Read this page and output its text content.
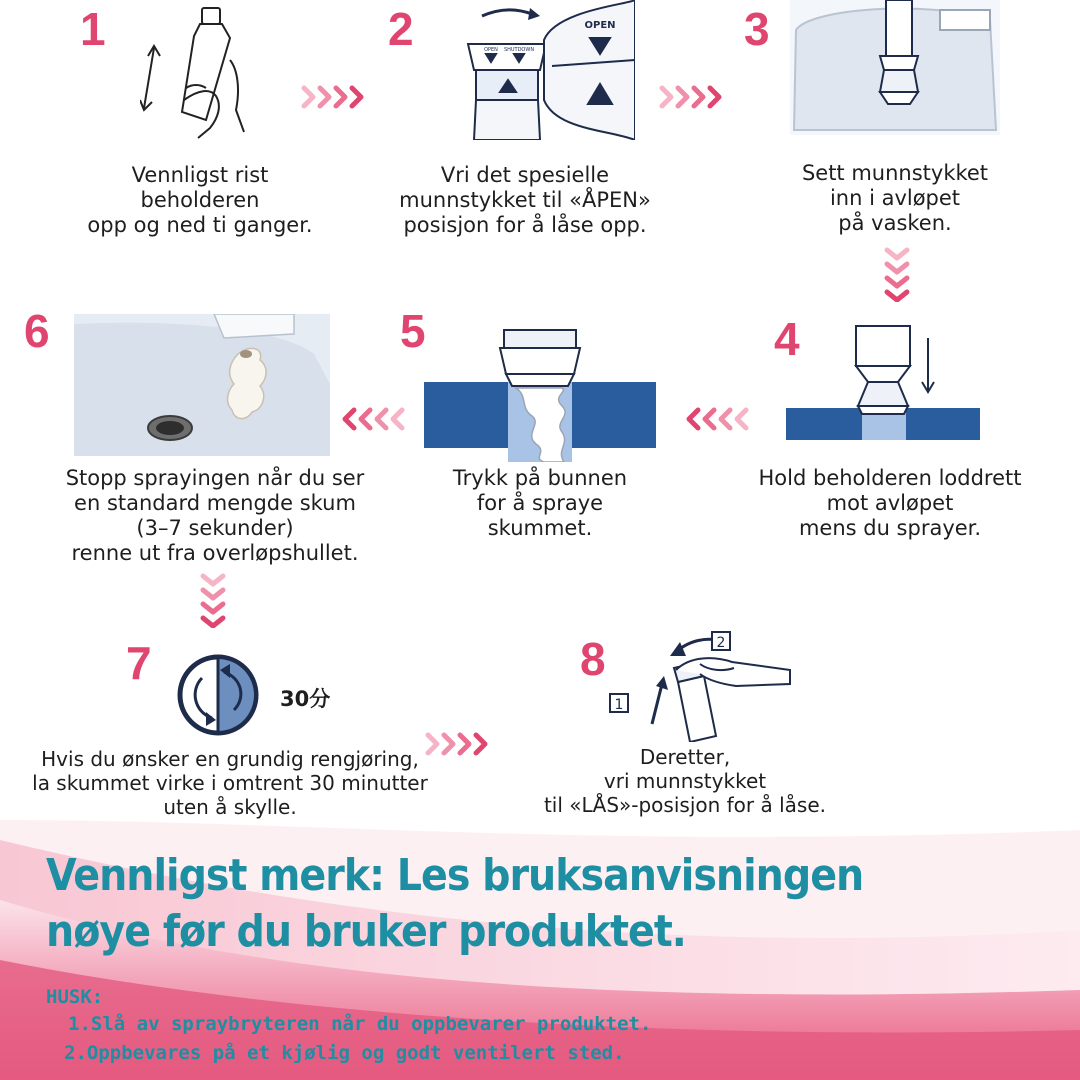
1
Vennligst rist
beholderen
opp og ned ti ganger.
2	OPEN
OPEN SHUTDOWN
Vri det spesielle
munnstykket til «ÅPEN»
posisjon for å låse opp.
3
Sett munnstykket
inn i avløpet
på vasken.
4
Hold beholderen loddrett
mot avløpet
mens du sprayer.
5
Trykk på bunnen
for å spraye
skummet.
6
Stopp sprayingen når du ser
en standard mengde skum
(3–7 sekunder)
renne ut fra overløpshullet.
7
30分
Hvis du ønsker en grundig rengjøring,
la skummet virke i omtrent 30 minutter
uten å skylle.
8	2
1
Deretter,
vri munnstykket
til «LÅS»-posisjon for å låse.
Vennligst merk: Les bruksanvisningen
nøye før du bruker produktet.
HUSK:
1.Slå av spraybryteren når du oppbevarer produktet.
2.Oppbevares på et kjølig og godt ventilert sted.
